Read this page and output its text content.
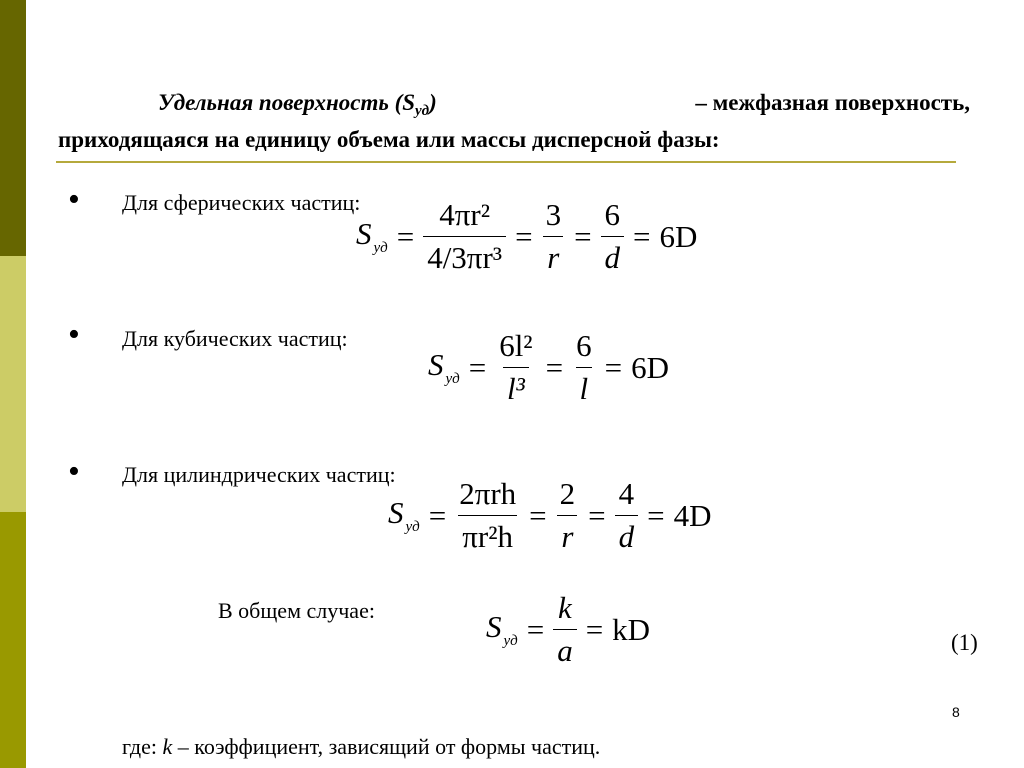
Удельная поверхность $(S_{уд})$	– межфазная поверхность,
приходящаяся на единицу объема или массы дисперсной фазы:
• Для сферических частиц:
S $_{уд} = \frac{\text{4πr²}}{\text{4/3πr³}} = \frac{3}{r} = \frac{6}{d} = 6D$
• Для кубических частиц:
S $_{уд} = \frac{\text{6l²}}{\text{l³}} = \frac{6}{l} = 6D$
• Для цилиндрических частиц:
S $_{уд} = \frac{\text{2πrh}}{\text{πr²h}} = \frac{2}{r} = \frac{4}{d} = 4D$
В общем случае:	S $_{уд} = \frac{k}{a}$ = kD	(1)
8
где: k – коэффициент, зависящий от формы частиц.
